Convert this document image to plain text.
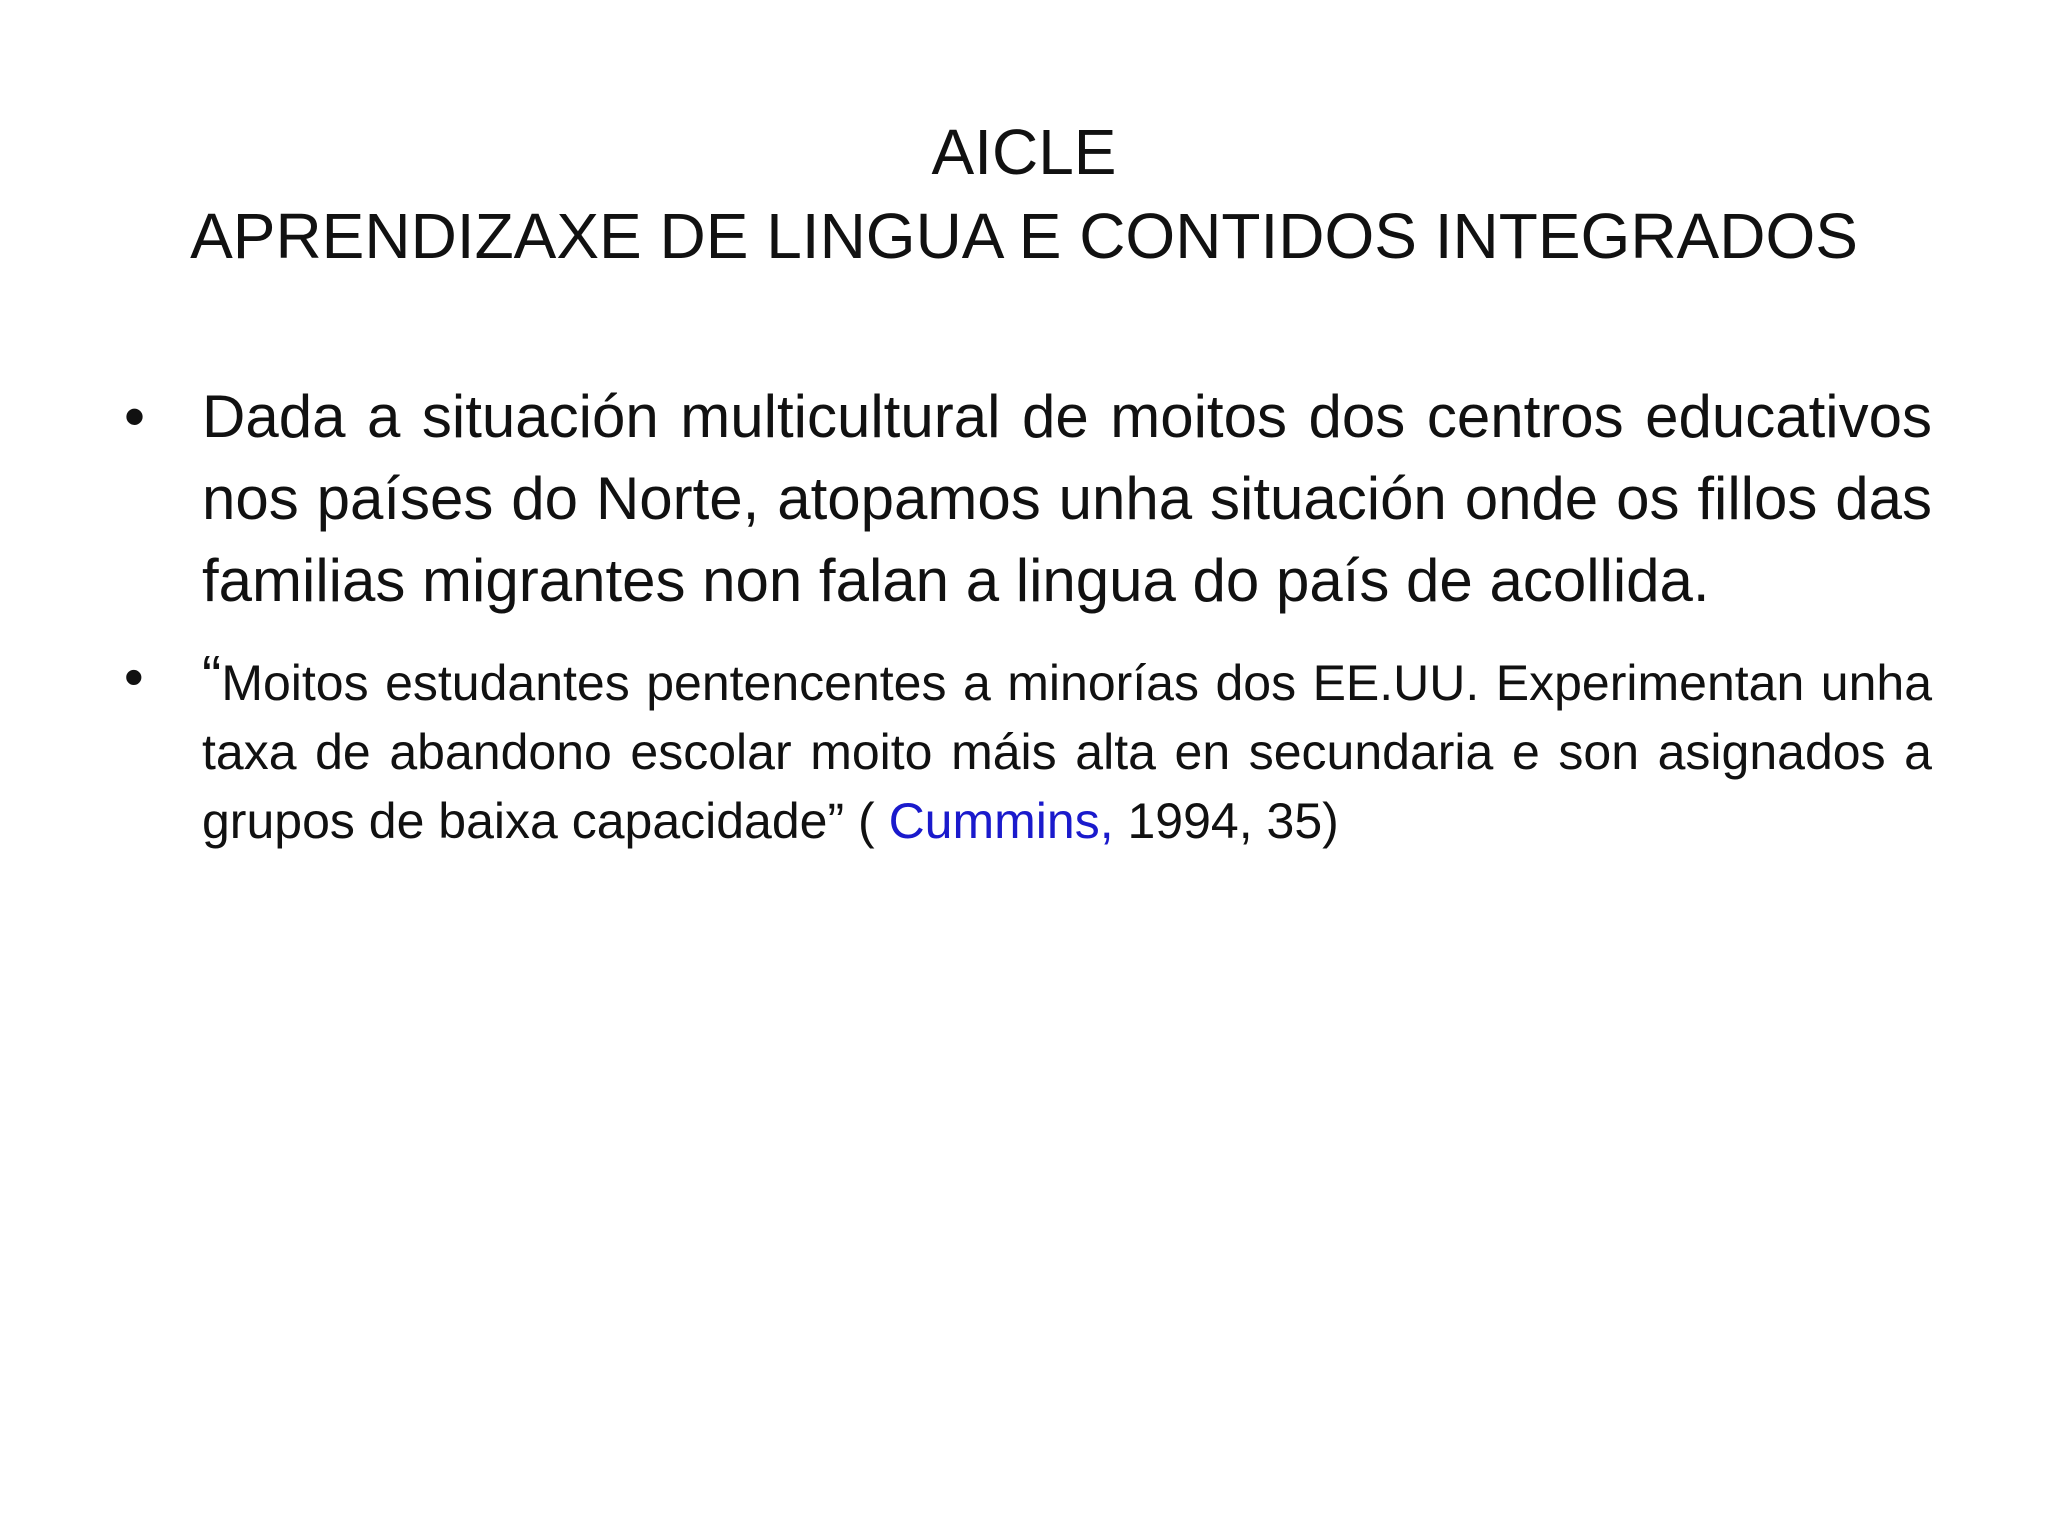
AICLE
APRENDIZAXE DE LINGUA E CONTIDOS INTEGRADOS
• Dada a situación multicultural de moitos dos centros educativos nos países do Norte, atopamos unha situación onde os fillos das familias migrantes non falan a lingua do país de acollida.
• “Moitos estudantes pentencentes a minorías dos EE.UU. Experimentan unha taxa de abandono escolar moito máis alta en secundaria e son asignados a grupos de baixa capacidade” ( Cummins, 1994, 35)
